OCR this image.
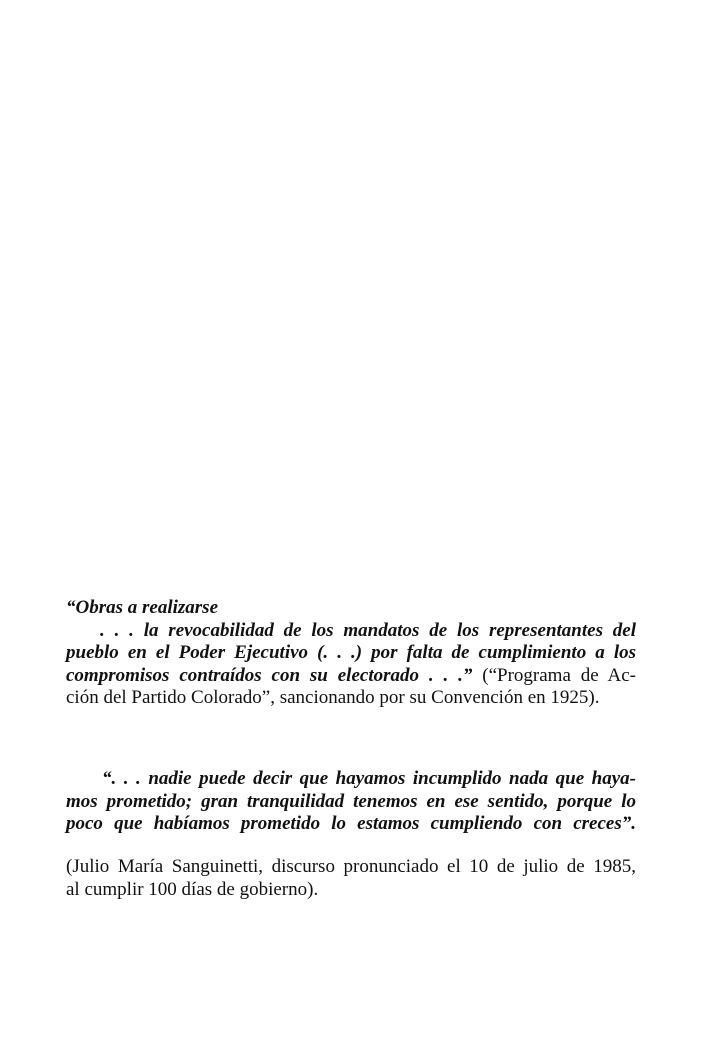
“Obras a realizarse
. . . la revocabilidad de los mandatos de los representantes del
pueblo en el Poder Ejecutivo (. . .) por falta de cumplimiento a los
compromisos contraídos con su electorado . . .” (“Programa de Ac-
ción del Partido Colorado”, sancionando por su Convención en 1925).
“. . . nadie puede decir que hayamos incumplido nada que haya-
mos prometido; gran tranquilidad tenemos en ese sentido, porque lo
poco que habíamos prometido lo estamos cumpliendo con creces”.
(Julio María Sanguinetti, discurso pronunciado el 10 de julio de 1985,
al cumplir 100 días de gobierno).
